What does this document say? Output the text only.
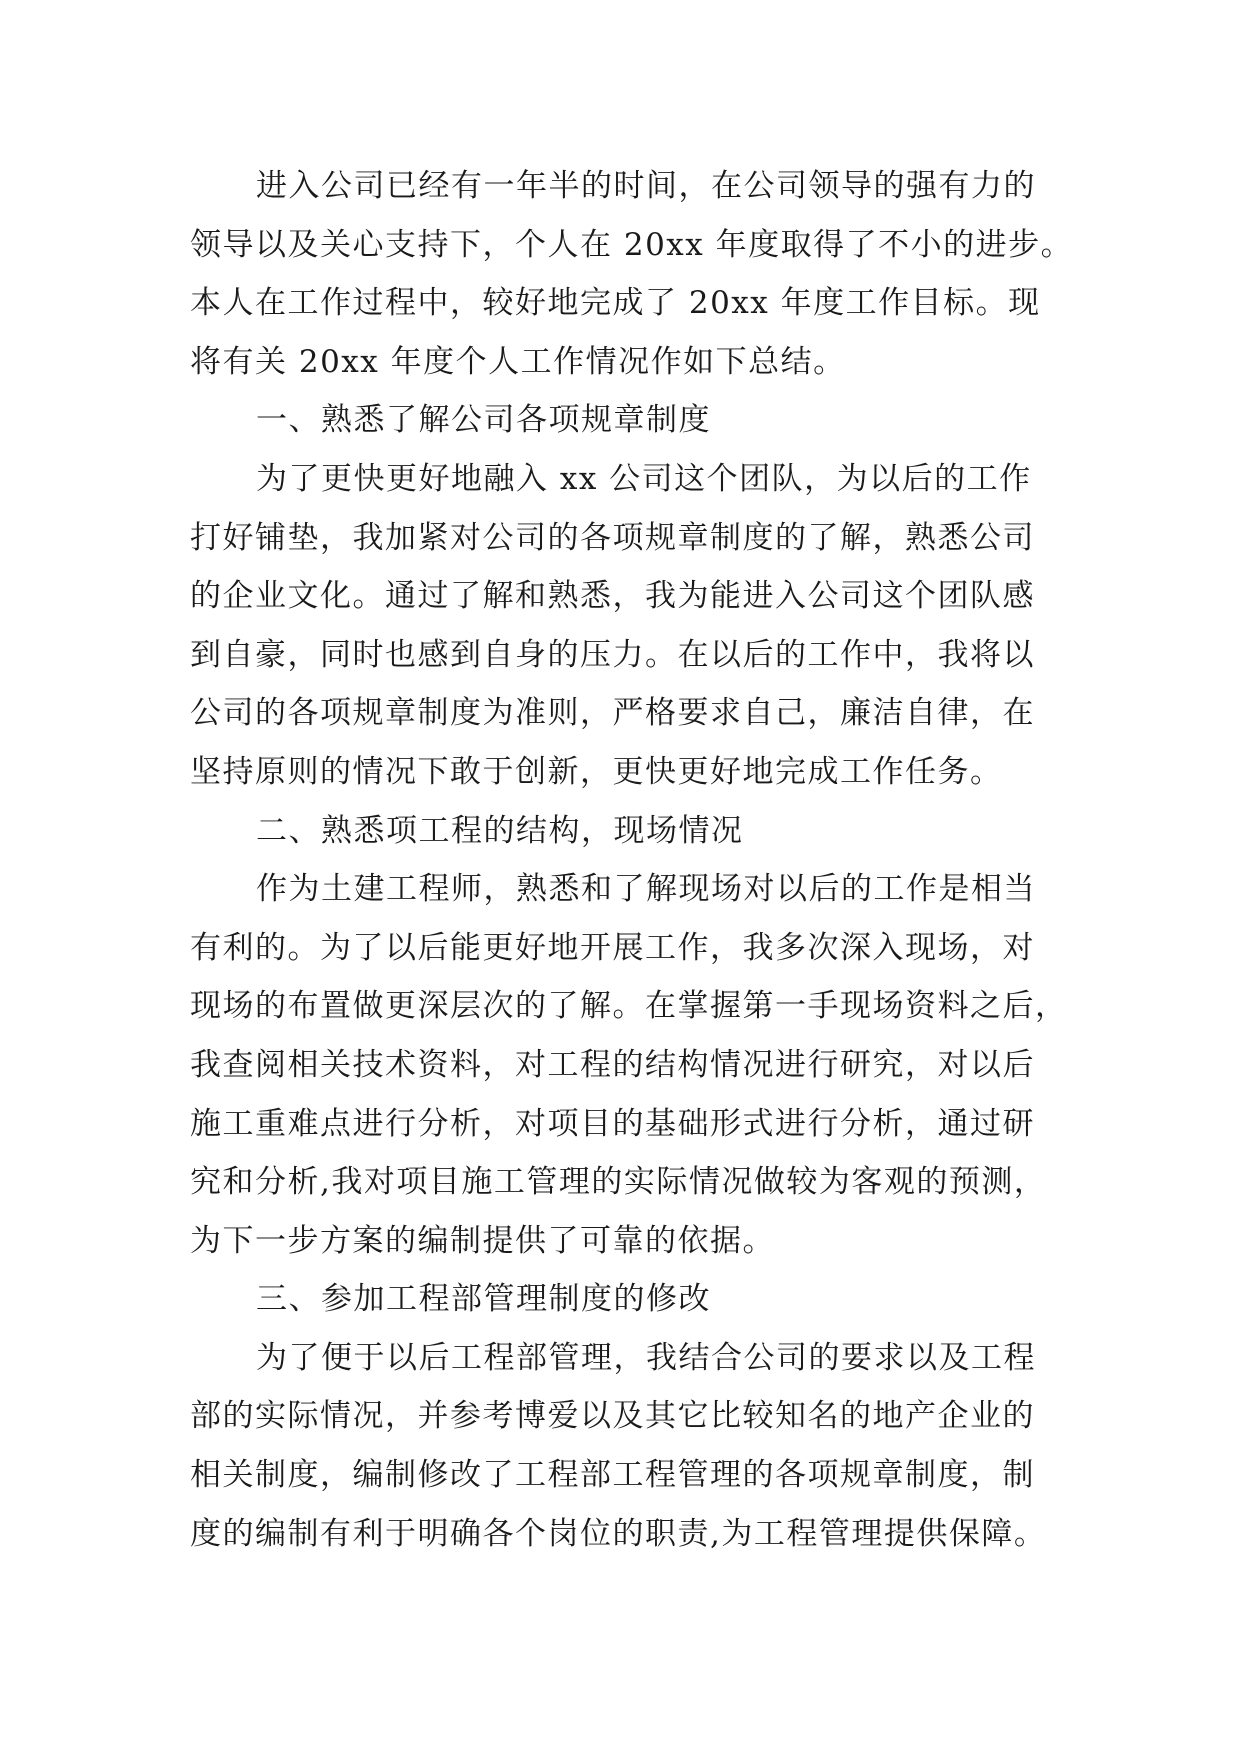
进入公司已经有一年半的时间，在公司领导的强有力的
领导以及关心支持下，个人在 20xx 年度取得了不小的进步。
本人在工作过程中，较好地完成了 20xx 年度工作目标。现
将有关 20xx 年度个人工作情况作如下总结。
一、熟悉了解公司各项规章制度
为了更快更好地融入 xx 公司这个团队，为以后的工作
打好铺垫，我加紧对公司的各项规章制度的了解，熟悉公司
的企业文化。通过了解和熟悉，我为能进入公司这个团队感
到自豪，同时也感到自身的压力。在以后的工作中，我将以
公司的各项规章制度为准则，严格要求自己，廉洁自律，在
坚持原则的情况下敢于创新，更快更好地完成工作任务。
二、熟悉项工程的结构，现场情况
作为土建工程师，熟悉和了解现场对以后的工作是相当
有利的。为了以后能更好地开展工作，我多次深入现场，对
现场的布置做更深层次的了解。在掌握第一手现场资料之后，
我查阅相关技术资料，对工程的结构情况进行研究，对以后
施工重难点进行分析，对项目的基础形式进行分析，通过研
究和分析,我对项目施工管理的实际情况做较为客观的预测，
为下一步方案的编制提供了可靠的依据。
三、参加工程部管理制度的修改
为了便于以后工程部管理，我结合公司的要求以及工程
部的实际情况，并参考博爱以及其它比较知名的地产企业的
相关制度，编制修改了工程部工程管理的各项规章制度，制
度的编制有利于明确各个岗位的职责,为工程管理提供保障。
